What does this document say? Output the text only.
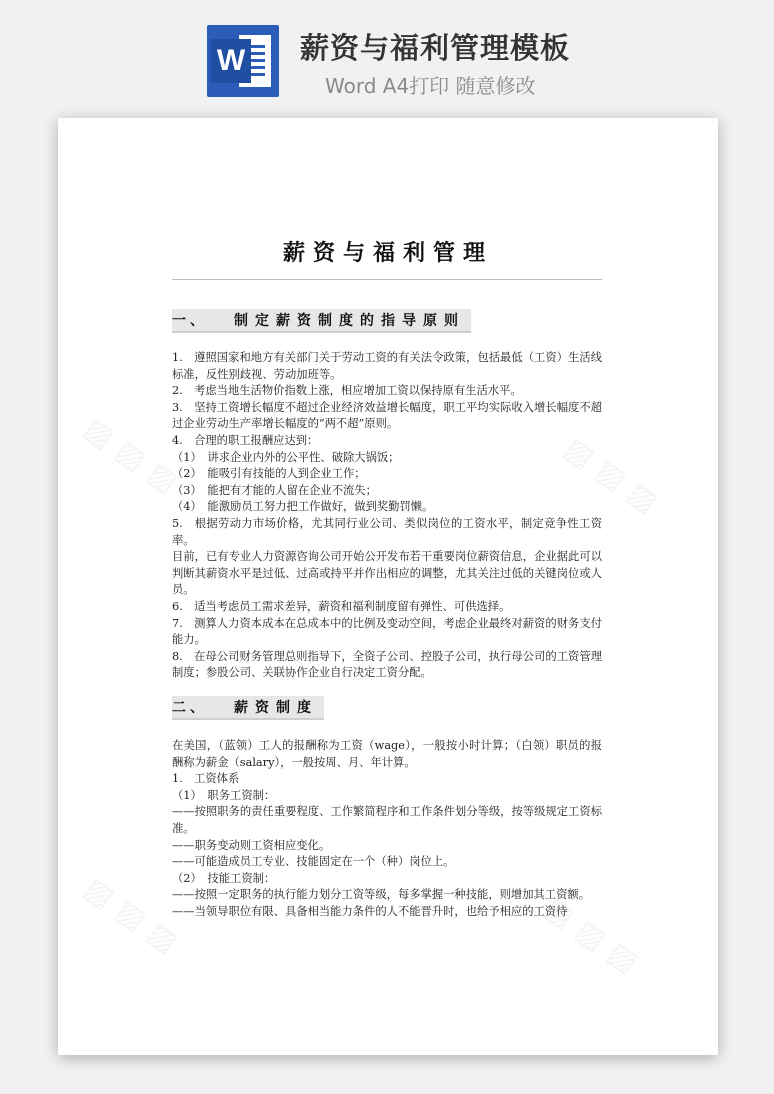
W 薪资与福利管理模板
Word A4打印 随意修改
▨ ▨ ▨	▨ ▨ ▨
▨ ▨ ▨	▨ ▨ ▨
薪资与福利管理
一、	制定薪资制度的指导原则

1.　遵照国家和地方有关部门关于劳动工资的有关法令政策，包括最低（工资）生活线标准，反性别歧视、劳动加班等。

2.　考虑当地生活物价指数上涨，相应增加工资以保持原有生活水平。

3.　坚持工资增长幅度不超过企业经济效益增长幅度，职工平均实际收入增长幅度不超过企业劳动生产率增长幅度的“两不超”原则。

4.　合理的职工报酬应达到：

（1）　讲求企业内外的公平性、破除大锅饭；

（2）　能吸引有技能的人到企业工作；

（3）　能把有才能的人留在企业不流失；

（4）　能激励员工努力把工作做好，做到奖勤罚懒。

5.　根据劳动力市场价格，尤其同行业公司、类似岗位的工资水平，制定竞争性工资率。

目前，已有专业人力资源咨询公司开始公开发布若干重要岗位薪资信息，企业据此可以判断其薪资水平是过低、过高或持平并作出相应的调整，尤其关注过低的关键岗位或人员。

6.　适当考虑员工需求差异，薪资和福利制度留有弹性、可供选择。

7.　测算人力资本成本在总成本中的比例及变动空间，考虑企业最终对薪资的财务支付能力。

8.　在母公司财务管理总则指导下，全资子公司、控股子公司，执行母公司的工资管理制度；参股公司、关联协作企业自行决定工资分配。

二、	薪资制度

在美国，（蓝领）工人的报酬称为工资（wage），一般按小时计算；（白领）职员的报酬称为薪金（salary），一般按周、月、年计算。

1.　工资体系

（1）　职务工资制：

——按照职务的责任重要程度、工作繁简程序和工作条件划分等级，按等级规定工资标准。

——职务变动则工资相应变化。

——可能造成员工专业、技能固定在一个（种）岗位上。

（2）　技能工资制：

——按照一定职务的执行能力划分工资等级，每多掌握一种技能，则增加其工资额。

——当领导职位有限、具备相当能力条件的人不能晋升时，也给予相应的工资待
